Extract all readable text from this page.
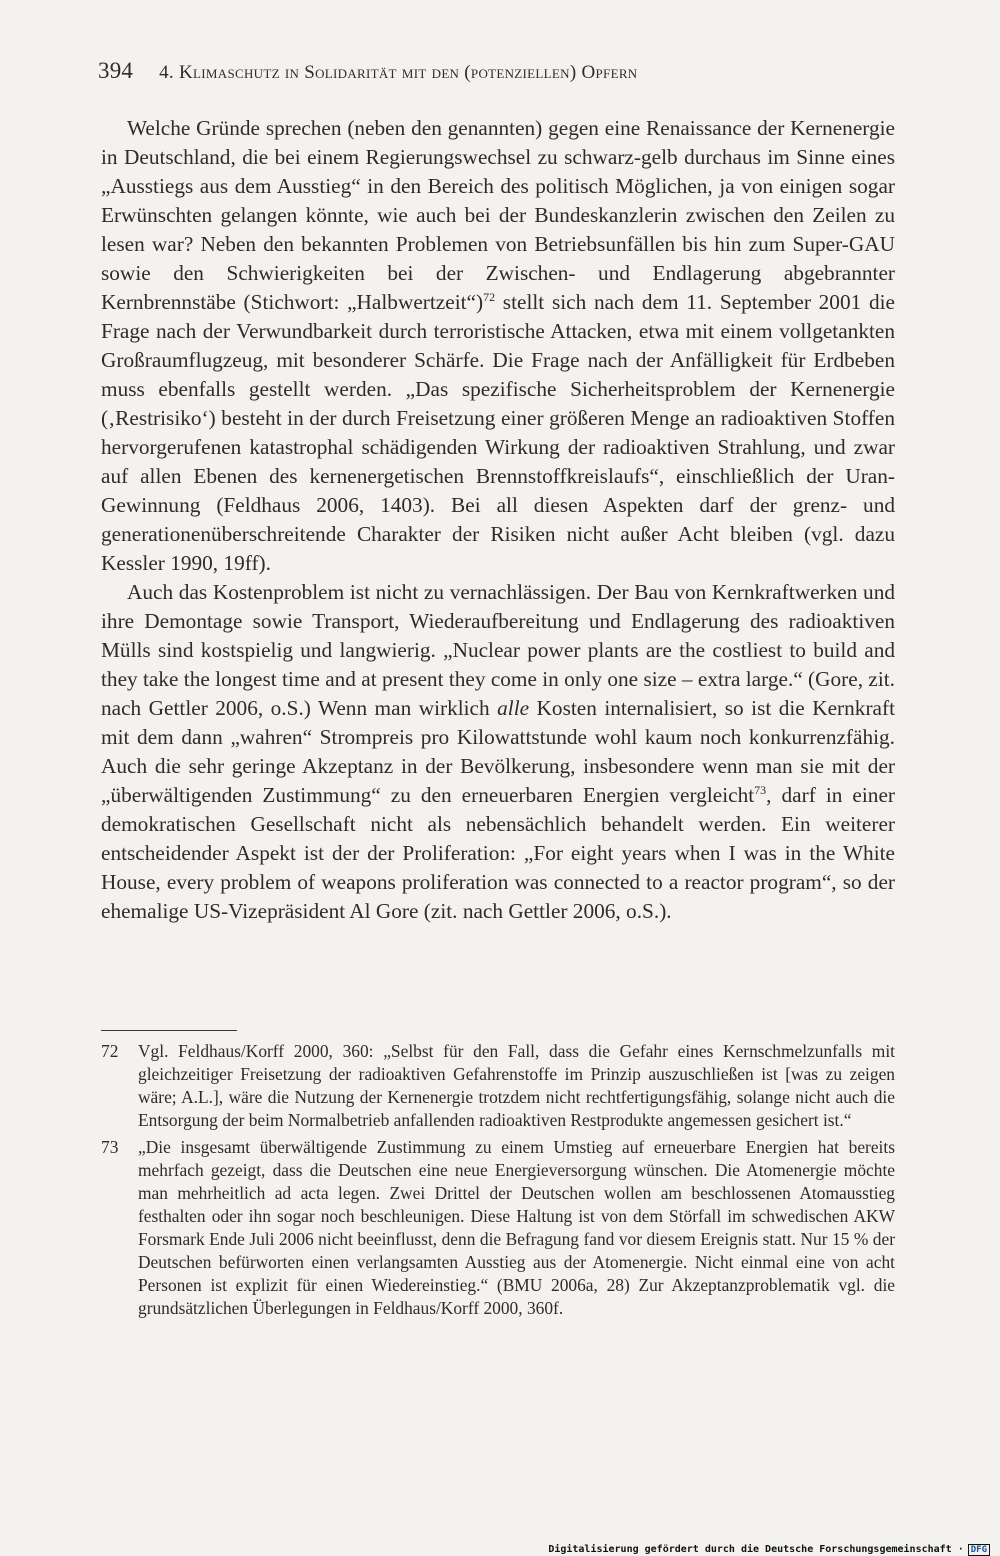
394 4. Klimaschutz in Solidarität mit den (potenziellen) Opfern

Welche Gründe sprechen (neben den genannten) gegen eine Renaissance der Kernenergie in Deutschland, die bei einem Regierungswechsel zu schwarz-gelb durchaus im Sinne eines „Ausstiegs aus dem Ausstieg“ in den Bereich des politisch Möglichen, ja von einigen sogar Erwünschten gelangen könnte, wie auch bei der Bundeskanzlerin zwischen den Zeilen zu lesen war? Neben den bekannten Problemen von Betriebsunfällen bis hin zum Super-GAU sowie den Schwierigkeiten bei der Zwischen- und Endlagerung abgebrannter Kernbrennstäbe (Stichwort: „Halbwertzeit“)$^{72}$ stellt sich nach dem 11. September 2001 die Frage nach der Verwundbarkeit durch terroristische Attacken, etwa mit einem vollgetankten Großraumflugzeug, mit besonderer Schärfe. Die Frage nach der Anfälligkeit für Erdbeben muss ebenfalls gestellt werden. „Das spezifische Sicherheitsproblem der Kernenergie (‚Restrisiko‘) besteht in der durch Freisetzung einer größeren Menge an radioaktiven Stoffen hervorgerufenen katastrophal schädigenden Wirkung der radioaktiven Strahlung, und zwar auf allen Ebenen des kernenergetischen Brennstoffkreislaufs“, einschließlich der Uran-Gewinnung (Feldhaus 2006, 1403). Bei all diesen Aspekten darf der grenz- und generationenüberschreitende Charakter der Risiken nicht außer Acht bleiben (vgl. dazu Kessler 1990, 19ff).

Auch das Kostenproblem ist nicht zu vernachlässigen. Der Bau von Kernkraftwerken und ihre Demontage sowie Transport, Wiederaufbereitung und Endlagerung des radioaktiven Mülls sind kostspielig und langwierig. „Nuclear power plants are the costliest to build and they take the longest time and at present they come in only one size – extra large.“ (Gore, zit. nach Gettler 2006, o.S.) Wenn man wirklich alle Kosten internalisiert, so ist die Kernkraft mit dem dann „wahren“ Strompreis pro Kilowattstunde wohl kaum noch konkurrenzfähig. Auch die sehr geringe Akzeptanz in der Bevölkerung, insbesondere wenn man sie mit der „überwältigenden Zustimmung“ zu den erneuerbaren Energien vergleicht$^{73}$, darf in einer demokratischen Gesellschaft nicht als nebensächlich behandelt werden. Ein weiterer entscheidender Aspekt ist der der Proliferation: „For eight years when I was in the White House, every problem of weapons proliferation was connected to a reactor program“, so der ehemalige US-Vizepräsident Al Gore (zit. nach Gettler 2006, o.S.).

72	Vgl. Feldhaus/Korff 2000, 360: „Selbst für den Fall, dass die Gefahr eines Kernschmelzunfalls mit gleichzeitiger Freisetzung der radioaktiven Gefahrenstoffe im Prinzip auszuschließen ist [was zu zeigen wäre; A.L.], wäre die Nutzung der Kernenergie trotzdem nicht rechtfertigungsfähig, solange nicht auch die Entsorgung der beim Normalbetrieb anfallenden radioaktiven Restprodukte angemessen gesichert ist.“
73	„Die insgesamt überwältigende Zustimmung zu einem Umstieg auf erneuerbare Energien hat bereits mehrfach gezeigt, dass die Deutschen eine neue Energieversorgung wünschen. Die Atomenergie möchte man mehrheitlich ad acta legen. Zwei Drittel der Deutschen wollen am beschlossenen Atomausstieg festhalten oder ihn sogar noch beschleunigen. Diese Haltung ist von dem Störfall im schwedischen AKW Forsmark Ende Juli 2006 nicht beeinflusst, denn die Befragung fand vor diesem Ereignis statt. Nur 15 % der Deutschen befürworten einen verlangsamten Ausstieg aus der Atomenergie. Nicht einmal eine von acht Personen ist explizit für einen Wiedereinstieg.“ (BMU 2006a, 28) Zur Akzeptanzproblematik vgl. die grundsätzlichen Überlegungen in Feldhaus/Korff 2000, 360f.
Digitalisierung gefördert durch die Deutsche Forschungsgemeinschaft · DFG
